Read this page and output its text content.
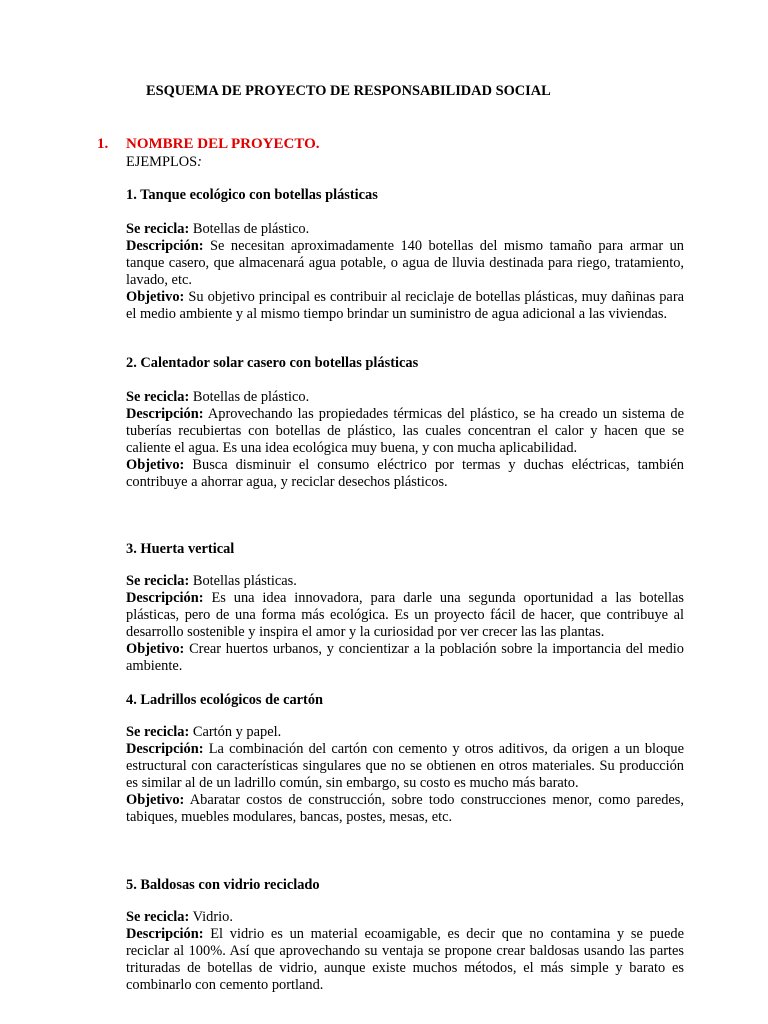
ESQUEMA DE PROYECTO DE RESPONSABILIDAD SOCIAL
1. NOMBRE DEL PROYECTO.
EJEMPLOS:
1. Tanque ecológico con botellas plásticas

Se recicla: Botellas de plástico.

Descripción: Se necesitan aproximadamente 140 botellas del mismo tamaño para armar un tanque casero, que almacenará agua potable, o agua de lluvia destinada para riego, tratamiento, lavado, etc.

Objetivo: Su objetivo principal es contribuir al reciclaje de botellas plásticas, muy dañinas para el medio ambiente y al mismo tiempo brindar un suministro de agua adicional a las viviendas.

2. Calentador solar casero con botellas plásticas

Se recicla: Botellas de plástico.

Descripción: Aprovechando las propiedades térmicas del plástico, se ha creado un sistema de tuberías recubiertas con botellas de plástico, las cuales concentran el calor y hacen que se caliente el agua. Es una idea ecológica muy buena, y con mucha aplicabilidad.

Objetivo: Busca disminuir el consumo eléctrico por termas y duchas eléctricas, también contribuye a ahorrar agua, y reciclar desechos plásticos.

3. Huerta vertical

Se recicla: Botellas plásticas.

Descripción: Es una idea innovadora, para darle una segunda oportunidad a las botellas plásticas, pero de una forma más ecológica. Es un proyecto fácil de hacer, que contribuye al desarrollo sostenible y inspira el amor y la curiosidad por ver crecer las las plantas.

Objetivo: Crear huertos urbanos, y concientizar a la población sobre la importancia del medio ambiente.

4. Ladrillos ecológicos de cartón

Se recicla: Cartón y papel.

Descripción: La combinación del cartón con cemento y otros aditivos, da origen a un bloque estructural con características singulares que no se obtienen en otros materiales. Su producción es similar al de un ladrillo común, sin embargo, su costo es mucho más barato.

Objetivo: Abaratar costos de construcción, sobre todo construcciones menor, como paredes, tabiques, muebles modulares, bancas, postes, mesas, etc.

5. Baldosas con vidrio reciclado

Se recicla: Vidrio.

Descripción: El vidrio es un material ecoamigable, es decir que no contamina y se puede reciclar al 100%. Así que aprovechando su ventaja se propone crear baldosas usando las partes trituradas de botellas de vidrio, aunque existe muchos métodos, el más simple y barato es combinarlo con cemento portland.
